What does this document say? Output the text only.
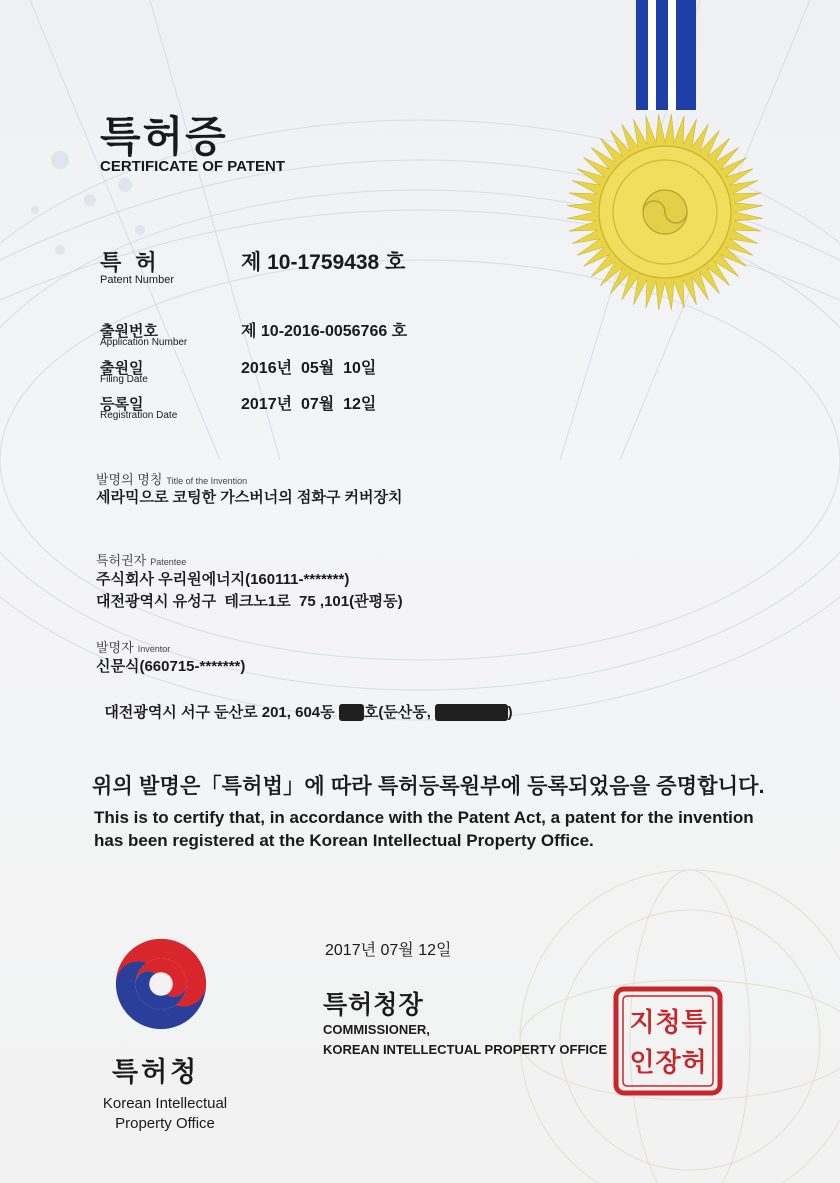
특허증
CERTIFICATE OF PATENT
특 허
Patent Number
제 10-1759438 호
출원번호
Application Number
제 10-2016-0056766 호
출원일
Filing Date
2016년  05월  10일
등록일
Registration Date
2017년  07월  12일
발명의 명칭 Title of the Invention
세라믹으로 코팅한 가스버너의 점화구 커버장치
특허권자 Patentee
주식회사 우리원에너지(160111-*******)
대전광역시 유성구  테크노1로  75 ,101(관평동)
발명자 Inventor
신문식(660715-*******)

대전광역시 서구 둔산로 201, 604동 호(둔산동,	)

위의 발명은「특허법」에 따라 특허등록원부에 등록되었음을 증명합니다.
This is to certify that, in accordance with the Patent Act, a patent for the invention
has been registered at the Korean Intellectual Property Office.
2017년 07월 12일
특허청장
COMMISSIONER,
KOREAN INTELLECTUAL PROPERTY OFFICE
특
허
청
장
지
인
특허청
Korean Intellectual
Property Office
